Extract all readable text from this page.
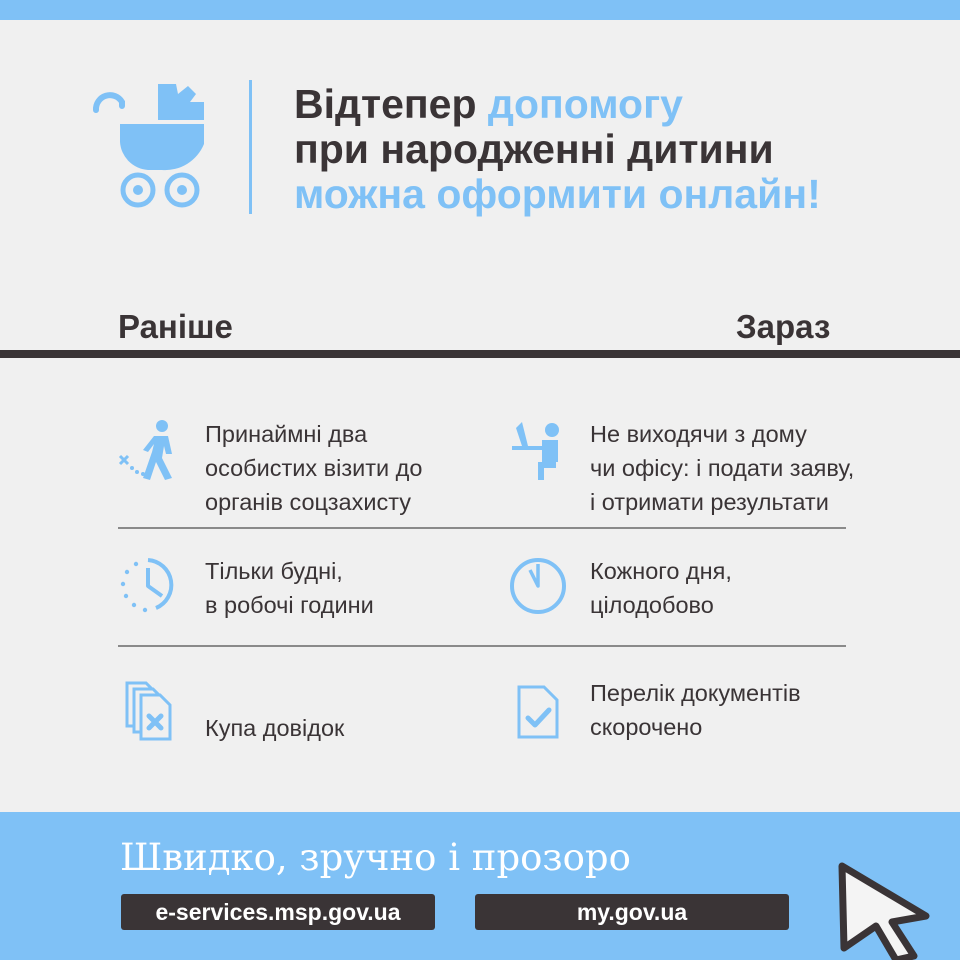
Відтепер допомогу
при народженні дитини
можна оформити онлайн!
Раніше	Зараз
Принаймні два
особистих візити до
органів соцзахисту
Не виходячи з дому
чи офісу: і подати заяву,
і отримати результати
Тільки будні,
в робочі години
Кожного дня,
цілодобово
Купа довідок
Перелік документів
скорочено

Швидко, зручно і прозоро

e-services.msp.gov.ua	my.gov.ua
